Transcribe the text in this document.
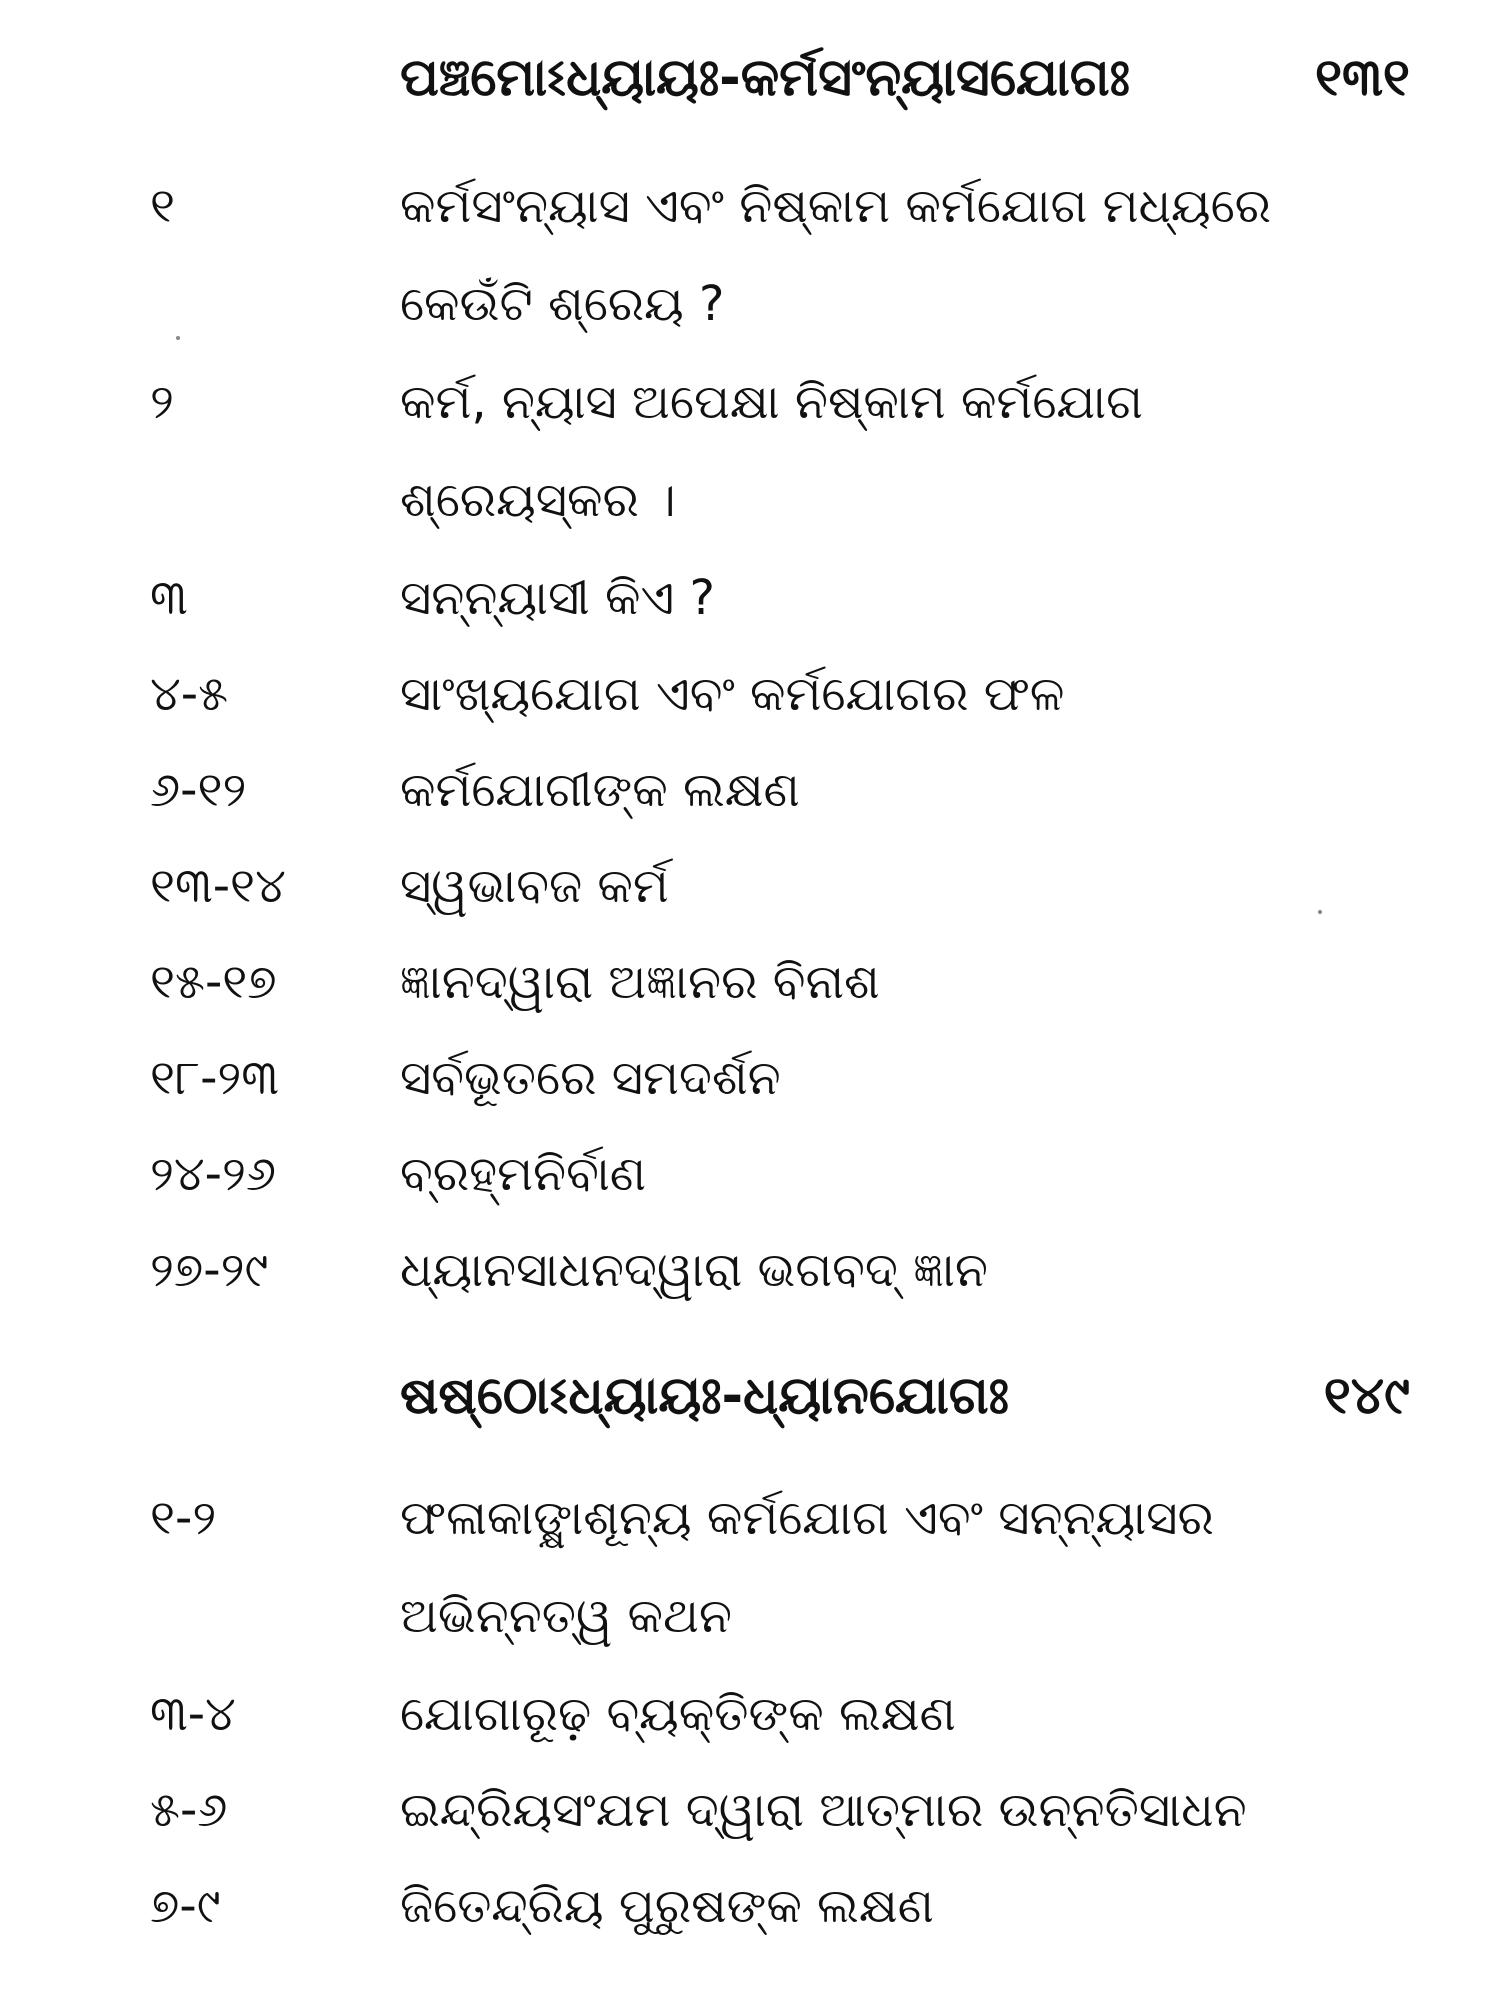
ପଞ୍ଚମୋଽଧ୍ୟାୟଃ-କର୍ମସଂନ୍ୟାସଯୋଗଃ	୧୩୧
୧	କର୍ମସଂନ୍ୟାସ ଏବଂ ନିଷ୍କାମ କର୍ମଯୋଗ ମଧ୍ୟରେ
କେଉଁଟି ଶ୍ରେୟ ?
୨	କର୍ମ, ନ୍ୟାସ ଅପେକ୍ଷା ନିଷ୍କାମ କର୍ମଯୋଗ
ଶ୍ରେୟସ୍କର ।
୩	ସନ୍ନ୍ୟାସୀ କିଏ ?
୪-୫	ସାଂଖ୍ୟଯୋଗ ଏବଂ କର୍ମଯୋଗର ଫଳ
୬-୧୨	କର୍ମଯୋଗୀଙ୍କ ଲକ୍ଷଣ
୧୩-୧୪ ସ୍ୱଭାବଜ କର୍ମ
୧୫-୧୭	ଜ୍ଞାନଦ୍ୱାରା ଅଜ୍ଞାନର ବିନାଶ
୧୮-୨୩	ସର୍ବଭୂତରେ ସମଦର୍ଶନ
୨୪-୨୬	ବ୍ରହ୍ମନିର୍ବାଣ
୨୭-୨୯	ଧ୍ୟାନସାଧନଦ୍ୱାରା ଭଗବଦ୍ ଜ୍ଞାନ
ଷଷ୍ଠୋଽଧ୍ୟାୟଃ-ଧ୍ୟାନଯୋଗଃ	୧୪୯
୧-୨	ଫଳାକାଙ୍କ୍ଷାଶୂନ୍ୟ କର୍ମଯୋଗ ଏବଂ ସନ୍ନ୍ୟାସର
ଅଭିନ୍ନତ୍ୱ କଥନ
୩-୪	ଯୋଗାରୂଢ଼ ବ୍ୟକ୍ତିଙ୍କ ଲକ୍ଷଣ
୫-୬	ଇନ୍ଦ୍ରିୟସଂଯମ ଦ୍ୱାରା ଆତ୍ମାର ଉନ୍ନତିସାଧନ
୭-୯	ଜିତେନ୍ଦ୍ରିୟ ପୁରୁଷଙ୍କ ଲକ୍ଷଣ
